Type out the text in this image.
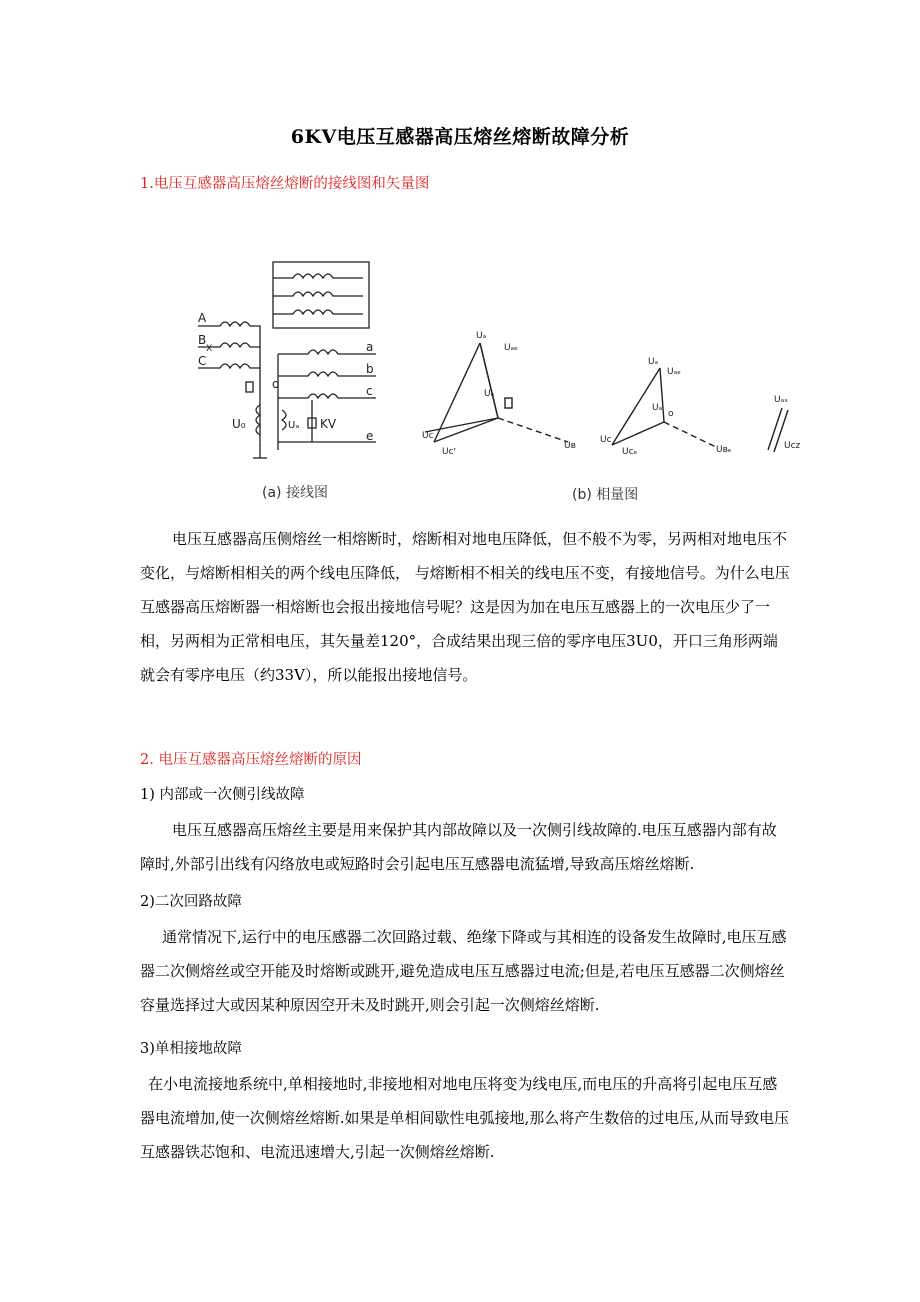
6KV电压互感器高压熔丝熔断故障分析
1.电压互感器高压熔丝熔断的接线图和矢量图
A
B
X
C
a
b
c
o
e
U₀	Uₐ KV
Uₐ
Uₐₑ
Uₐ
Uᴄ
Uᴄʳ
Uʙ
Uₐ
Uₐₑ
Uₐ
o
Uᴄ
Uᴄₑ	Uʙₑ
Uₐₓ
Uᴄᴢ
(a) 接线图	(b) 相量图
电压互感器高压侧熔丝一相熔断时，熔断相对地电压降低，但不般不为零，另两相对地电压不变化，与熔断相相关的两个线电压降低， 与熔断相不相关的线电压不变，有接地信号。为什么电压互感器高压熔断器一相熔断也会报出接地信号呢？这是因为加在电压互感器上的一次电压少了一相，另两相为正常相电压，其矢量差120°，合成结果出现三倍的零序电压3U0，开口三角形两端就会有零序电压（约33V），所以能报出接地信号。
2. 电压互感器高压熔丝熔断的原因
1) 内部或一次侧引线故障
电压互感器高压熔丝主要是用来保护其内部故障以及一次侧引线故障的.电压互感器内部有故障时,外部引出线有闪络放电或短路时会引起电压互感器电流猛增,导致高压熔丝熔断.
2)二次回路故障
通常情况下,运行中的电压感器二次回路过载、绝缘下降或与其相连的设备发生故障时,电压互感器二次侧熔丝或空开能及时熔断或跳开,避免造成电压互感器过电流;但是,若电压互感器二次侧熔丝容量选择过大或因某种原因空开未及时跳开,则会引起一次侧熔丝熔断.
3)单相接地故障
在小电流接地系统中,单相接地时,非接地相对地电压将变为线电压,而电压的升高将引起电压互感器电流增加,使一次侧熔丝熔断.如果是单相间歇性电弧接地,那么将产生数倍的过电压,从而导致电压互感器铁芯饱和、电流迅速增大,引起一次侧熔丝熔断.
